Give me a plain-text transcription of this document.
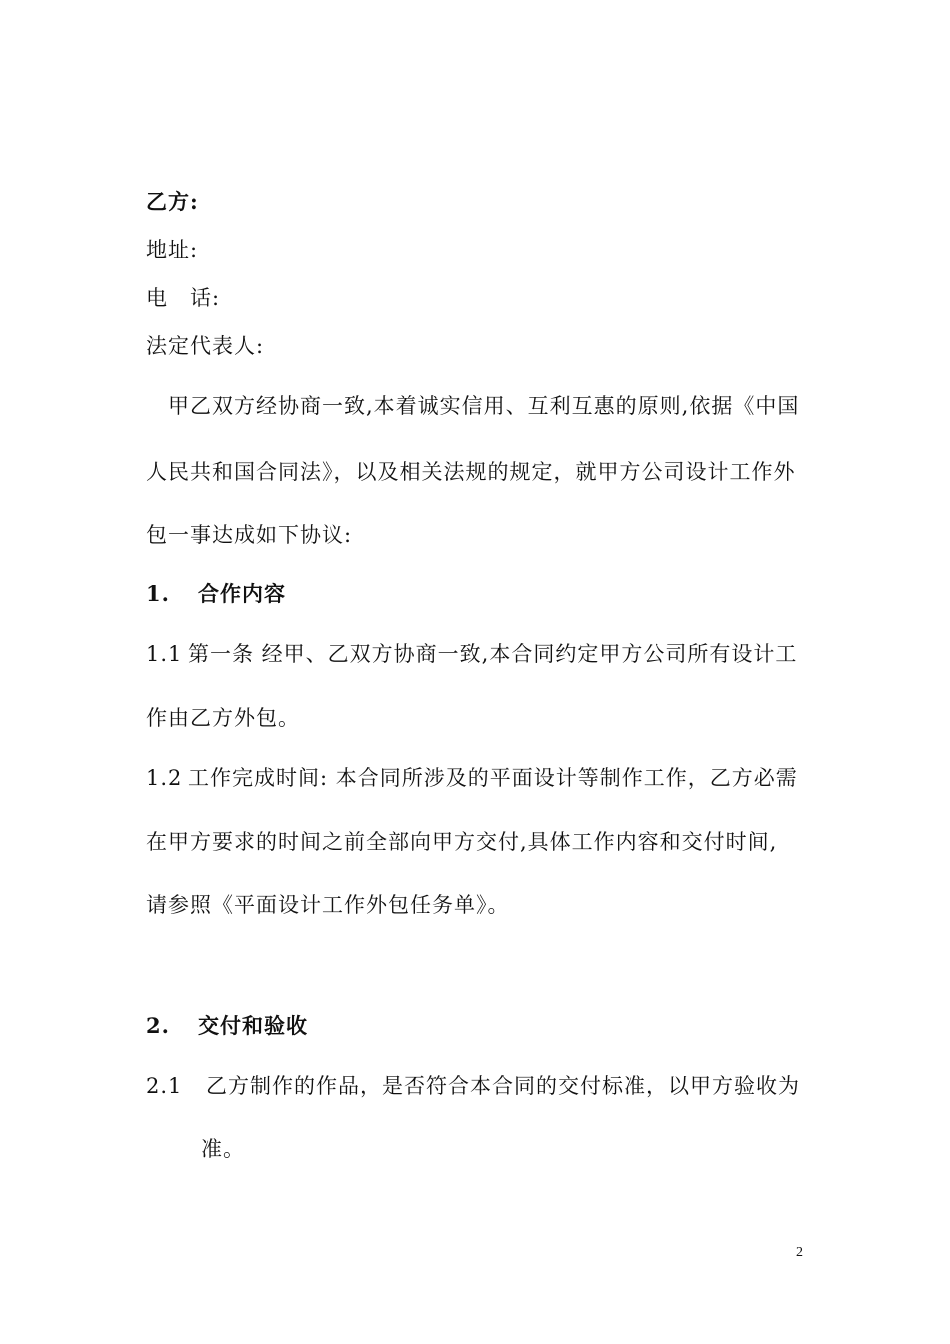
乙方:
地址:
电　话:
法定代表人:
　甲乙双方经协商一致,本着诚实信用、互利互惠的原则,依据《中国
人民共和国合同法》，以及相关法规的规定，就甲方公司设计工作外
包一事达成如下协议:
1. 合作内容
1.1 第一条 经甲、乙双方协商一致,本合同约定甲方公司所有设计工
作由乙方外包。
1.2 工作完成时间: 本合同所涉及的平面设计等制作工作，乙方必需
在甲方要求的时间之前全部向甲方交付,具体工作内容和交付时间,
请参照《平面设计工作外包任务单》。
2. 交付和验收
2.1 乙方制作的作品，是否符合本合同的交付标准，以甲方验收为
准。
2
